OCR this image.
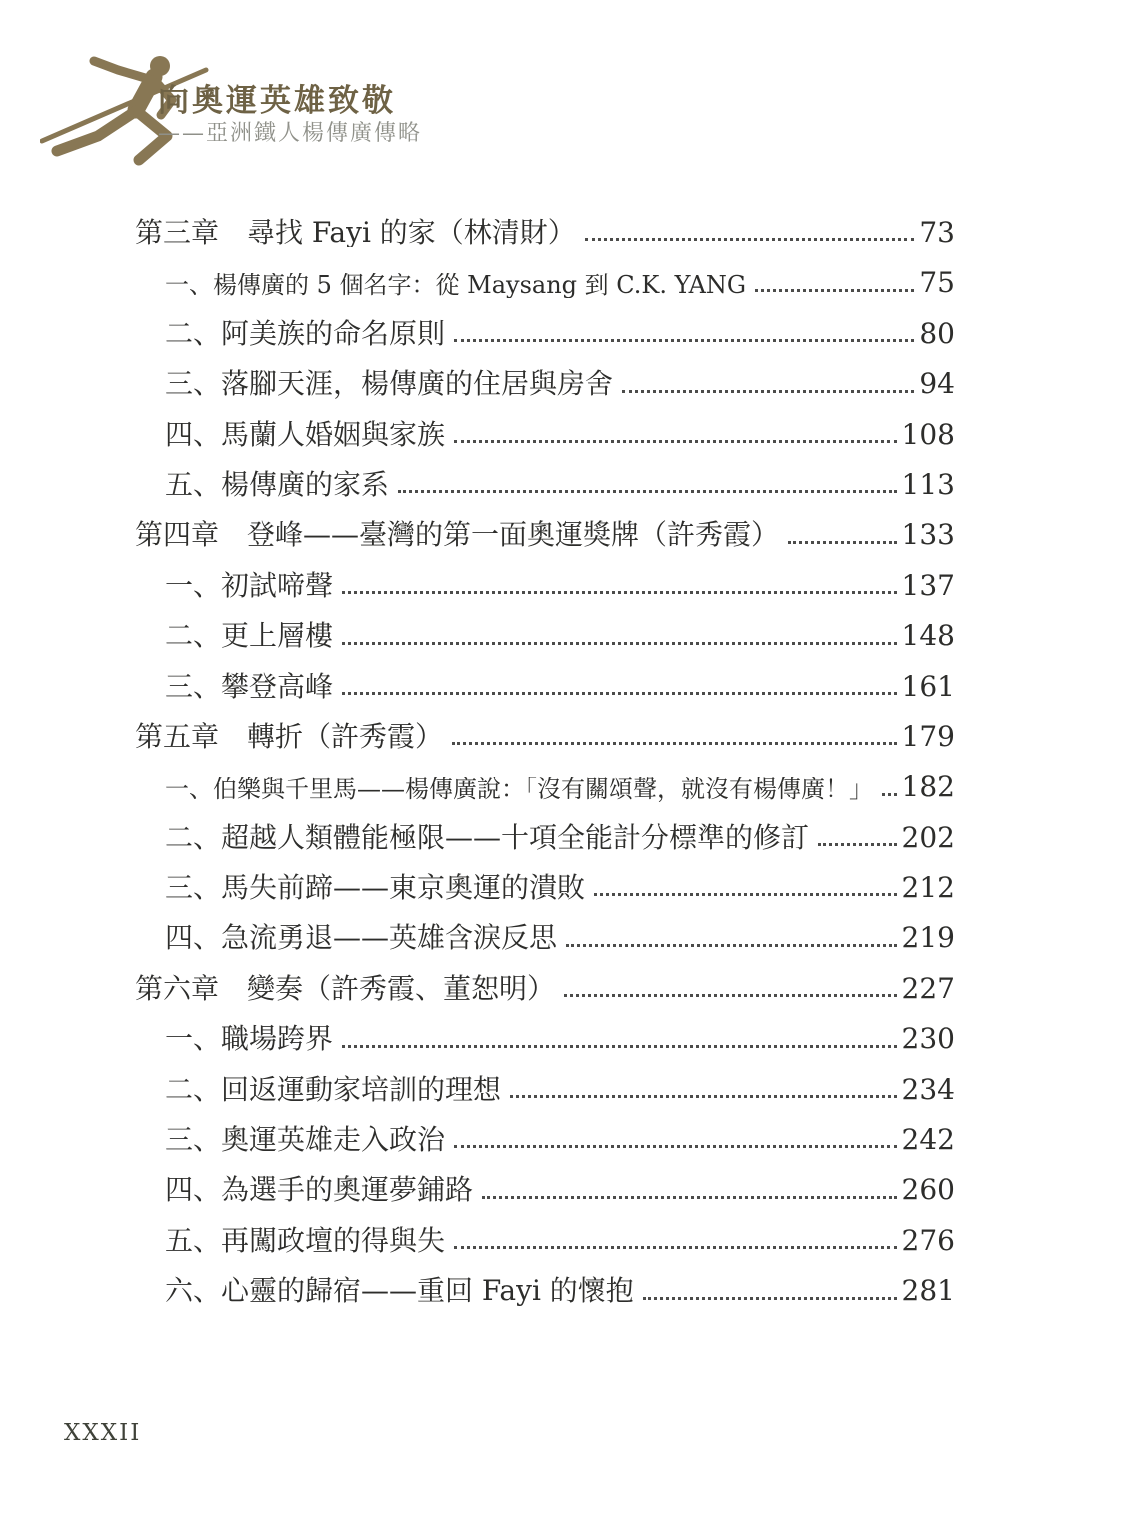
向奧運英雄致敬
——亞洲鐵人楊傳廣傳略
第三章　尋找 Fayi 的家（林清財）	73
一、楊傳廣的 5 個名字：從 Maysang 到 C.K. YANG	75
二、阿美族的命名原則	80
三、落腳天涯，楊傳廣的住居與房舍	94
四、馬蘭人婚姻與家族	108
五、楊傳廣的家系	113
第四章　登峰——臺灣的第一面奧運獎牌（許秀霞）	133
一、初試啼聲	137
二、更上層樓	148
三、攀登高峰	161
第五章　轉折（許秀霞）	179
一、伯樂與千里馬——楊傳廣說：「沒有關頌聲，就沒有楊傳廣！」 182
二、超越人類體能極限——十項全能計分標準的修訂	202
三、馬失前蹄——東京奧運的潰敗	212
四、急流勇退——英雄含淚反思	219
第六章　變奏（許秀霞、董恕明）	227
一、職場跨界	230
二、回返運動家培訓的理想	234
三、奧運英雄走入政治	242
四、為選手的奧運夢鋪路	260
五、再闖政壇的得與失	276
六、心靈的歸宿——重回 Fayi 的懷抱	281
XXXII
